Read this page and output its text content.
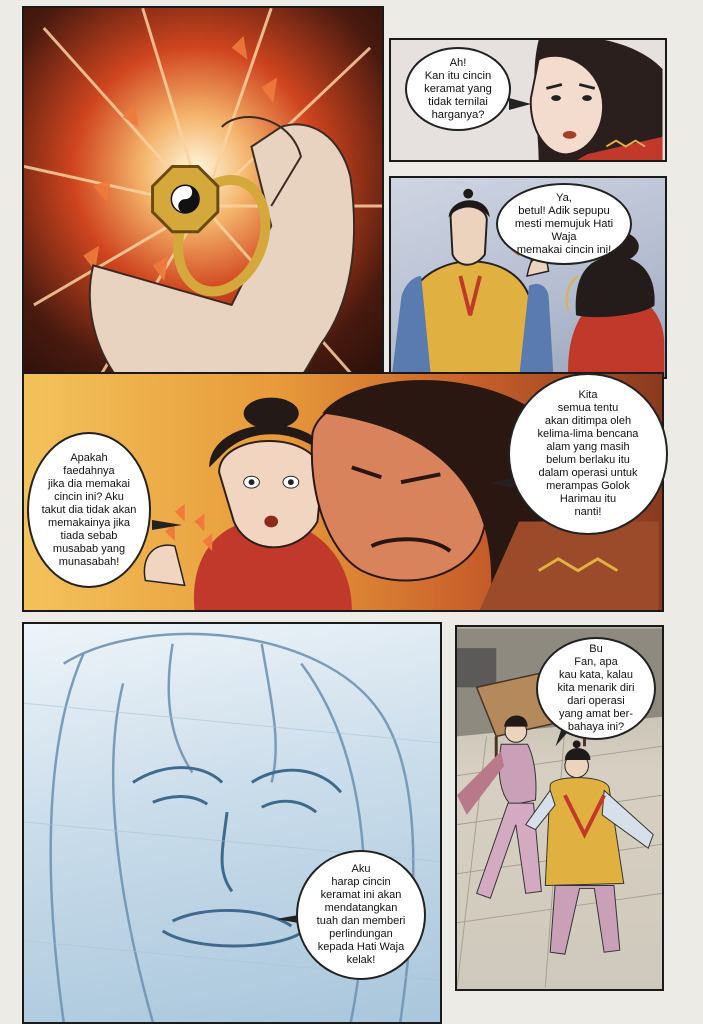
Ah!
Kan itu cincin
keramat yang
tidak ternilai
harganya?
Ya,
betul! Adik sepupu
mesti memujuk Hati Waja
memakai cincin ini!
Kita
semua tentu
akan ditimpa oleh
kelima-lima bencana
alam yang masih
belum berlaku itu
dalam operasi untuk
merampas Golok
Harimau itu
nanti!
Apakah
faedahnya
jika dia memakai
cincin ini? Aku
takut dia tidak akan
memakainya jika
tiada sebab
musabab yang
munasabah!
Bu
Fan, apa
kau kata, kalau
kita menarik diri
dari operasi
yang amat ber-
bahaya ini?
Aku
harap cincin
keramat ini akan
mendatangkan
tuah dan memberi
perlindungan
kepada Hati Waja
kelak!
